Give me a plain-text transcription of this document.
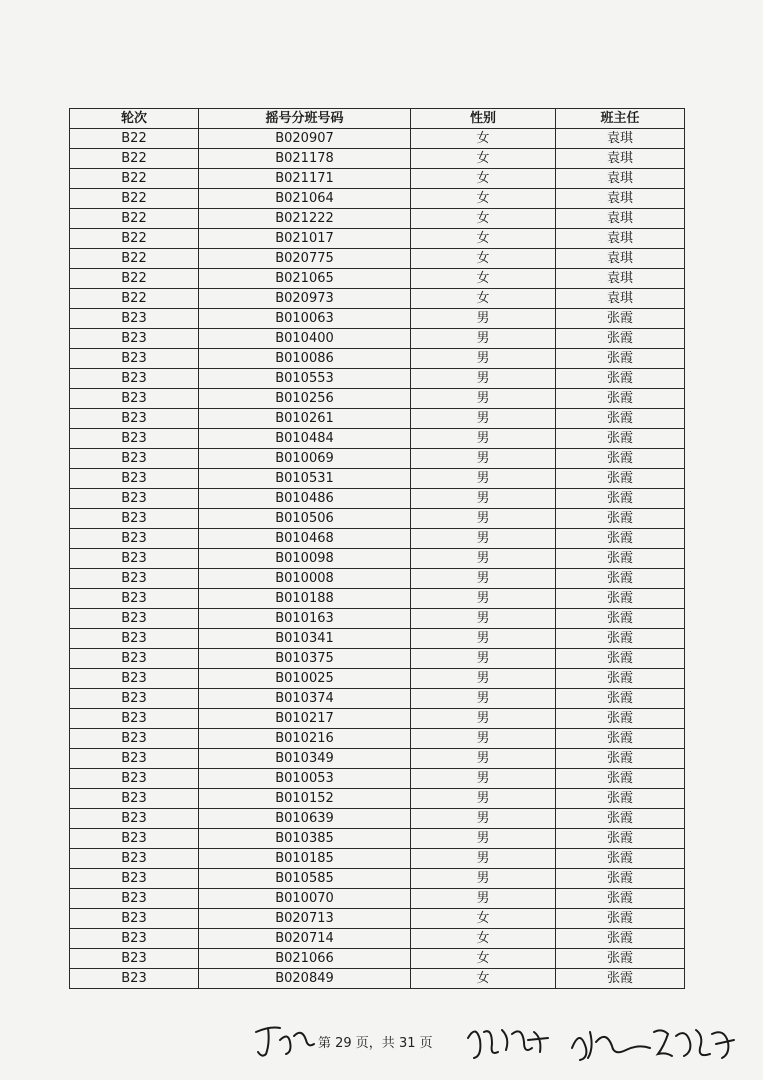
轮次	摇号分班号码	性别	班主任
B22	B020907	女	袁琪
B22	B021178	女	袁琪
B22	B021171	女	袁琪
B22	B021064	女	袁琪
B22	B021222	女	袁琪
B22	B021017	女	袁琪
B22	B020775	女	袁琪
B22	B021065	女	袁琪
B22	B020973	女	袁琪
B23	B010063	男	张霞
B23	B010400	男	张霞
B23	B010086	男	张霞
B23	B010553	男	张霞
B23	B010256	男	张霞
B23	B010261	男	张霞
B23	B010484	男	张霞
B23	B010069	男	张霞
B23	B010531	男	张霞
B23	B010486	男	张霞
B23	B010506	男	张霞
B23	B010468	男	张霞
B23	B010098	男	张霞
B23	B010008	男	张霞
B23	B010188	男	张霞
B23	B010163	男	张霞
B23	B010341	男	张霞
B23	B010375	男	张霞
B23	B010025	男	张霞
B23	B010374	男	张霞
B23	B010217	男	张霞
B23	B010216	男	张霞
B23	B010349	男	张霞
B23	B010053	男	张霞
B23	B010152	男	张霞
B23	B010639	男	张霞
B23	B010385	男	张霞
B23	B010185	男	张霞
B23	B010585	男	张霞
B23	B010070	男	张霞
B23	B020713	女	张霞
B23	B020714	女	张霞
B23	B021066	女	张霞
B23	B020849	女	张霞
第 29 页，共 31 页
